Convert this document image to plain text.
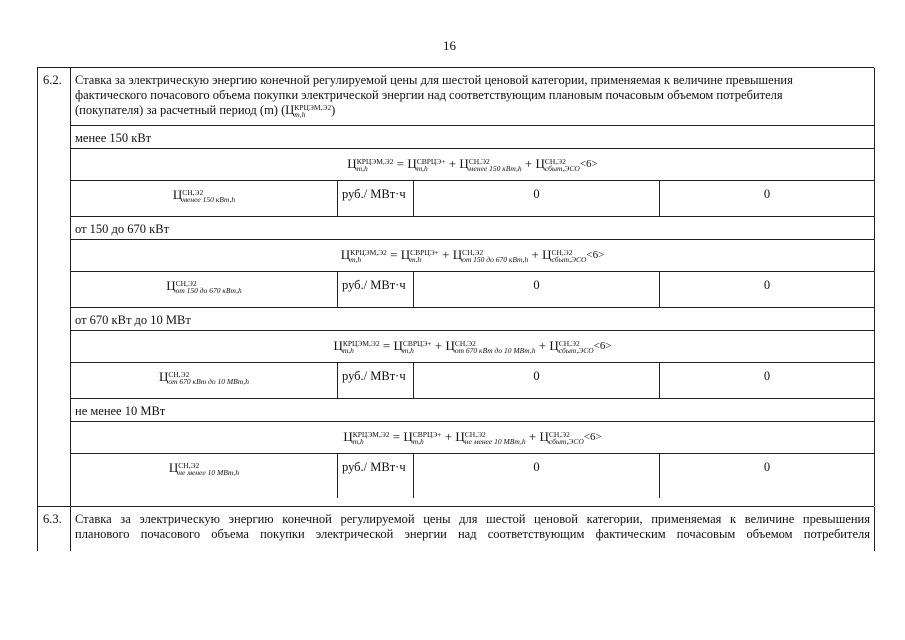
16
6.2. Ставка за электрическую энергию конечной регулируемой цены для шестой ценовой категории, применяемая к величине превышения
фактического почасового объема покупки электрической энергии над соответствующим плановым почасовым объемом потребителя
(покупателя) за расчетный период (m) (Ц КРЦЭМ,Э2
m,h	)
менее 150 кВт
Ц КРЦЭМ,Э2
m,h	= Ц СВРЦЭ+
m,h	+ Ц СН,Э2
менее 150 кВт,h + Ц СН,Э2
сбыт,ЭСО <6>
Ц СН,Э2
менее 150 кВт,h	руб./ МВт·ч	0	0
от 150 до 670 кВт
Ц КРЦЭМ,Э2
m,h	= Ц СВРЦЭ+
m,h	+ Ц СН,Э2
от 150 до 670 кВт,h + Ц СН,Э2
сбыт,ЭСО <6>
Ц СН,Э2
от 150 до 670 кВт,h	руб./ МВт·ч	0	0
от 670 кВт до 10 МВт
Ц КРЦЭМ,Э2
m,h	= Ц СВРЦЭ+
m,h	+ Ц СН,Э2
от 670 кВт до 10 МВт,h + Ц СН,Э2
сбыт,ЭСО <6>
Ц СН,Э2
от 670 кВт до 10 МВт,h	руб./ МВт·ч	0	0
не менее 10 МВт
Ц КРЦЭМ,Э2
m,h	= Ц СВРЦЭ+
m,h	+ Ц СН,Э2
не менее 10 МВт,h + Ц СН,Э2
сбыт,ЭСО <6>
Ц СН,Э2
не менее 10 МВт,h	руб./ МВт·ч	0	0
6.3. Ставка за электрическую энергию конечной регулируемой цены для шестой ценовой категории, применяемая к величине превышения
планового почасового объема покупки электрической энергии над соответствующим фактическим почасовым объемом потребителя
